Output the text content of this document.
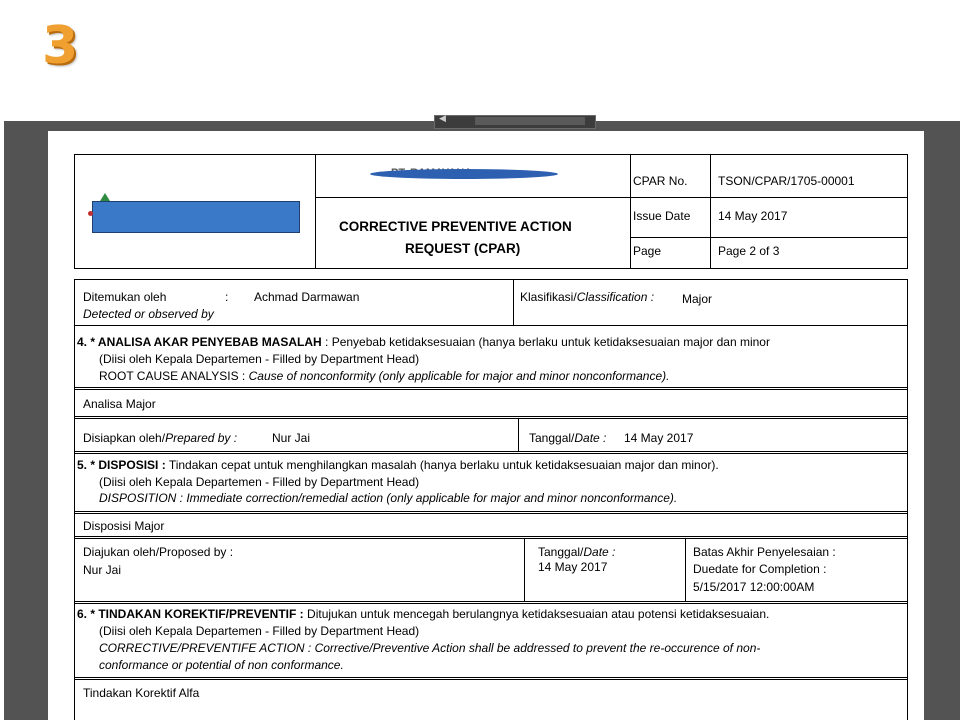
3
◀
CORRECTIVE PREVENTIVE ACTION
REQUEST (CPAR)
CPAR No.	TSON/CPAR/1705-00001
Issue Date 14 May 2017
Page	Page 2 of 3
Ditemukan oleh	: Achmad Darmawan
Detected or observed by
Klasifikasi/Classification : Major
4. * ANALISA AKAR PENYEBAB MASALAH : Penyebab ketidaksesuaian (hanya berlaku untuk ketidaksesuaian major dan minor
(Diisi oleh Kepala Departemen - Filled by Department Head)
ROOT CAUSE ANALYSIS : Cause of nonconformity (only applicable for major and minor nonconformance).
Analisa Major
Disiapkan oleh/Prepared by :	Nur Jai	Tanggal/Date : 14 May 2017
5. * DISPOSISI : Tindakan cepat untuk menghilangkan masalah (hanya berlaku untuk ketidaksesuaian major dan minor).
(Diisi oleh Kepala Departemen - Filled by Department Head)
DISPOSITION : Immediate correction/remedial action (only applicable for major and minor nonconformance).
Disposisi Major
Diajukan oleh/Proposed by :
Nur Jai
Tanggal/Date :
14 May 2017
Batas Akhir Penyelesaian :
Duedate for Completion :
5/15/2017 12:00:00AM
6. * TINDAKAN KOREKTIF/PREVENTIF : Ditujukan untuk mencegah berulangnya ketidaksesuaian atau potensi ketidaksesuaian.
(Diisi oleh Kepala Departemen - Filled by Department Head)
CORRECTIVE/PREVENTIFE ACTION : Corrective/Preventive Action shall be addressed to prevent the re-occurence of non-
conformance or potential of non conformance.
Tindakan Korektif Alfa
